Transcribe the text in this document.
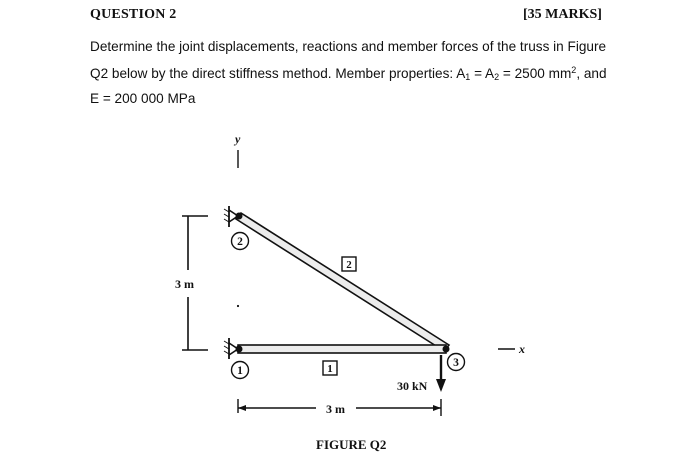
QUESTION 2	[35 MARKS]
Determine the joint displacements, reactions and member forces of the truss in Figure
Q2 below by the direct stiffness method. Member properties: $A_1 = A_2 = 2500$ $mm^2$, and
E = 200 000 MPa
y
x
3 m
2
1
3
2
1
30 kN
3 m
FIGURE Q2
